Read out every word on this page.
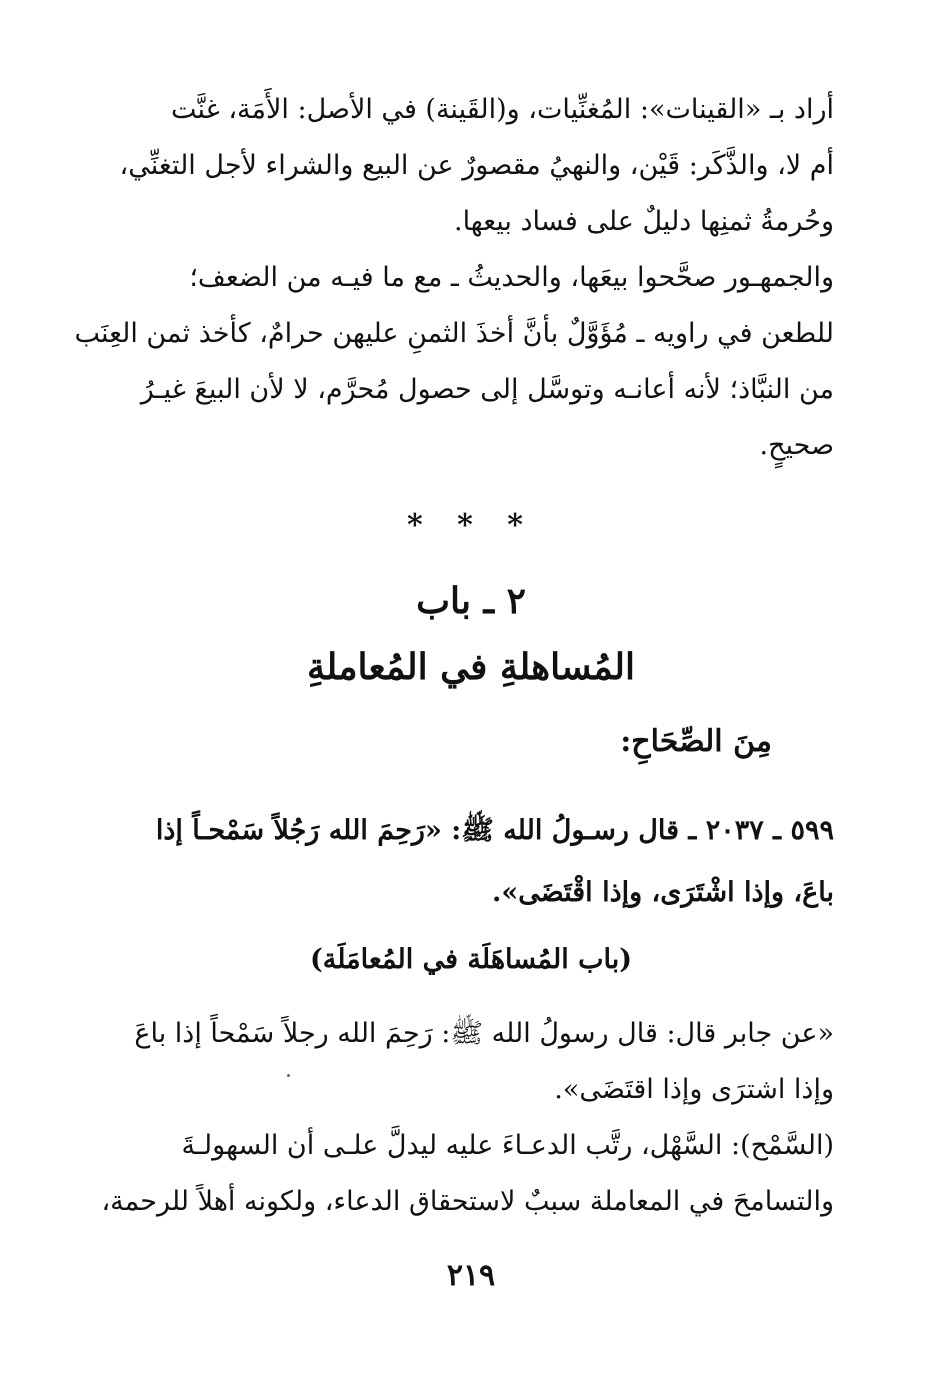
أراد بـ «القينات»: المُغنِّيات، و(القَينة) في الأصل: الأَمَة، غنَّت
أم لا، والذَّكَر: قَيْن، والنهيُ مقصورٌ عن البيع والشراء لأجل التغنِّي،
وحُرمةُ ثمنِها دليلٌ على فساد بيعها.
والجمهـور صحَّحوا بيعَها، والحديثُ ـ مع ما فيـه من الضعف؛
للطعن في راويه ـ مُؤَوَّلٌ بأنَّ أخذَ الثمنِ عليهن حرامٌ، كأخذ ثمن العِنَب
من النبَّاذ؛ لأنه أعانـه وتوسَّل إلى حصول مُحرَّم، لا لأن البيعَ غيـرُ
صحيحٍ.
* * *
٢ ـ باب
المُساهلةِ في المُعاملةِ
مِنَ الصِّحَاحِ:
٥٩٩ ـ ٢٠٣٧ ـ قال رسـولُ الله ﷺ: «رَحِمَ الله رَجُلاً سَمْحـاً إذا
باعَ، وإذا اشْتَرَى، وإذا اقْتَضَى».
(باب المُساهَلَة في المُعامَلَة)
«عن جابر قال: قال رسولُ الله ﷺ: رَحِمَ الله رجلاً سَمْحاً إذا باعَ
وإذا اشترَى وإذا اقتَضَى».
(السَّمْح): السَّهْل، رتَّب الدعـاءَ عليه ليدلَّ علـى أن السهولـةَ
والتسامحَ في المعاملة سببٌ لاستحقاق الدعاء، ولكونه أهلاً للرحمة،
٢١٩
